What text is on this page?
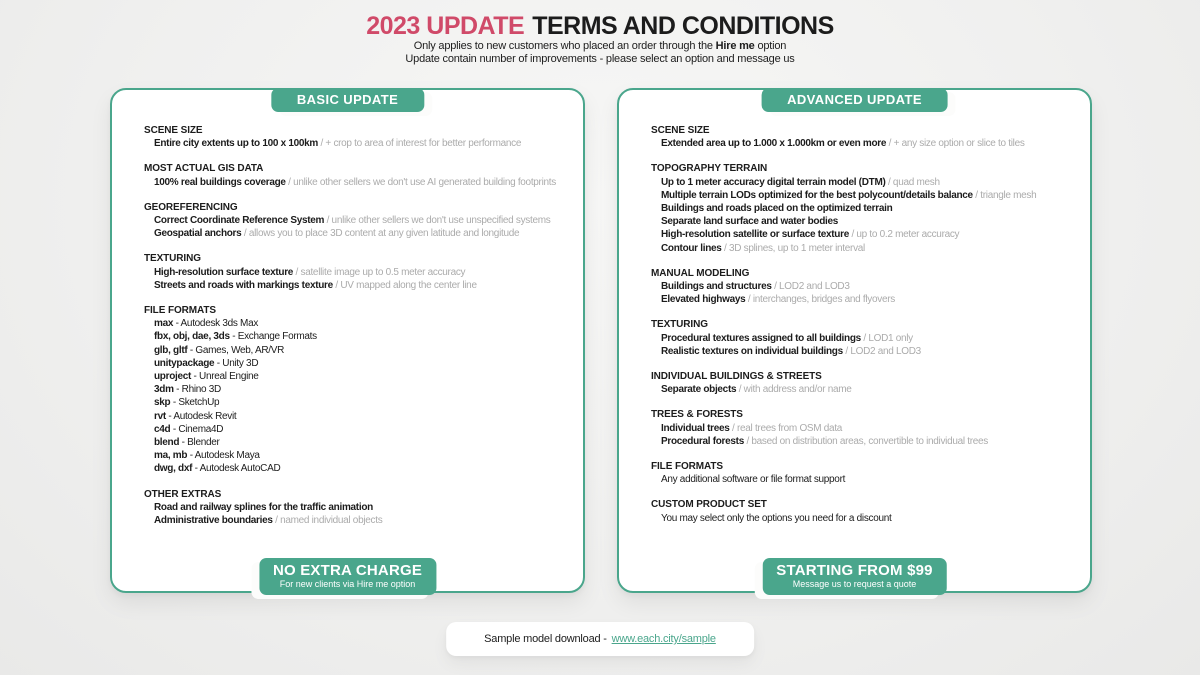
2023 UPDATE TERMS AND CONDITIONS

Only applies to new customers who placed an order through the Hire me option

Update contain number of improvements - please select an option and message us

BASIC UPDATE
SCENE SIZE
Entire city extents up to 100 x 100km / + crop to area of interest for better performance
MOST ACTUAL GIS DATA
100% real buildings coverage / unlike other sellers we don't use AI generated building footprints
GEOREFERENCING
Correct Coordinate Reference System / unlike other sellers we don't use unspecified systems
Geospatial anchors / allows you to place 3D content at any given latitude and longitude
TEXTURING
High-resolution surface texture / satellite image up to 0.5 meter accuracy
Streets and roads with markings texture / UV mapped along the center line
FILE FORMATS
max - Autodesk 3ds Max
fbx, obj, dae, 3ds - Exchange Formats
glb, gltf - Games, Web, AR/VR
unitypackage - Unity 3D
uproject - Unreal Engine
3dm - Rhino 3D
skp - SketchUp
rvt - Autodesk Revit
c4d - Cinema4D
blend - Blender
ma, mb - Autodesk Maya
dwg, dxf - Autodesk AutoCAD
OTHER EXTRAS
Road and railway splines for the traffic animation
Administrative boundaries / named individual objects
NO EXTRA CHARGE
For new clients via Hire me option
ADVANCED UPDATE
SCENE SIZE
Extended area up to 1.000 x 1.000km or even more / + any size option or slice to tiles
TOPOGRAPHY TERRAIN
Up to 1 meter accuracy digital terrain model (DTM) / quad mesh
Multiple terrain LODs optimized for the best polycount/details balance / triangle mesh
Buildings and roads placed on the optimized terrain
Separate land surface and water bodies
High-resolution satellite or surface texture / up to 0.2 meter accuracy
Contour lines / 3D splines, up to 1 meter interval
MANUAL MODELING
Buildings and structures / LOD2 and LOD3
Elevated highways / interchanges, bridges and flyovers
TEXTURING
Procedural textures assigned to all buildings / LOD1 only
Realistic textures on individual buildings / LOD2 and LOD3
INDIVIDUAL BUILDINGS & STREETS
Separate objects / with address and/or name
TREES & FORESTS
Individual trees / real trees from OSM data
Procedural forests / based on distribution areas, convertible to individual trees
FILE FORMATS
Any additional software or file format support
CUSTOM PRODUCT SET
You may select only the options you need for a discount
STARTING FROM $99
Message us to request a quote
Sample model download - www.each.city/sample
